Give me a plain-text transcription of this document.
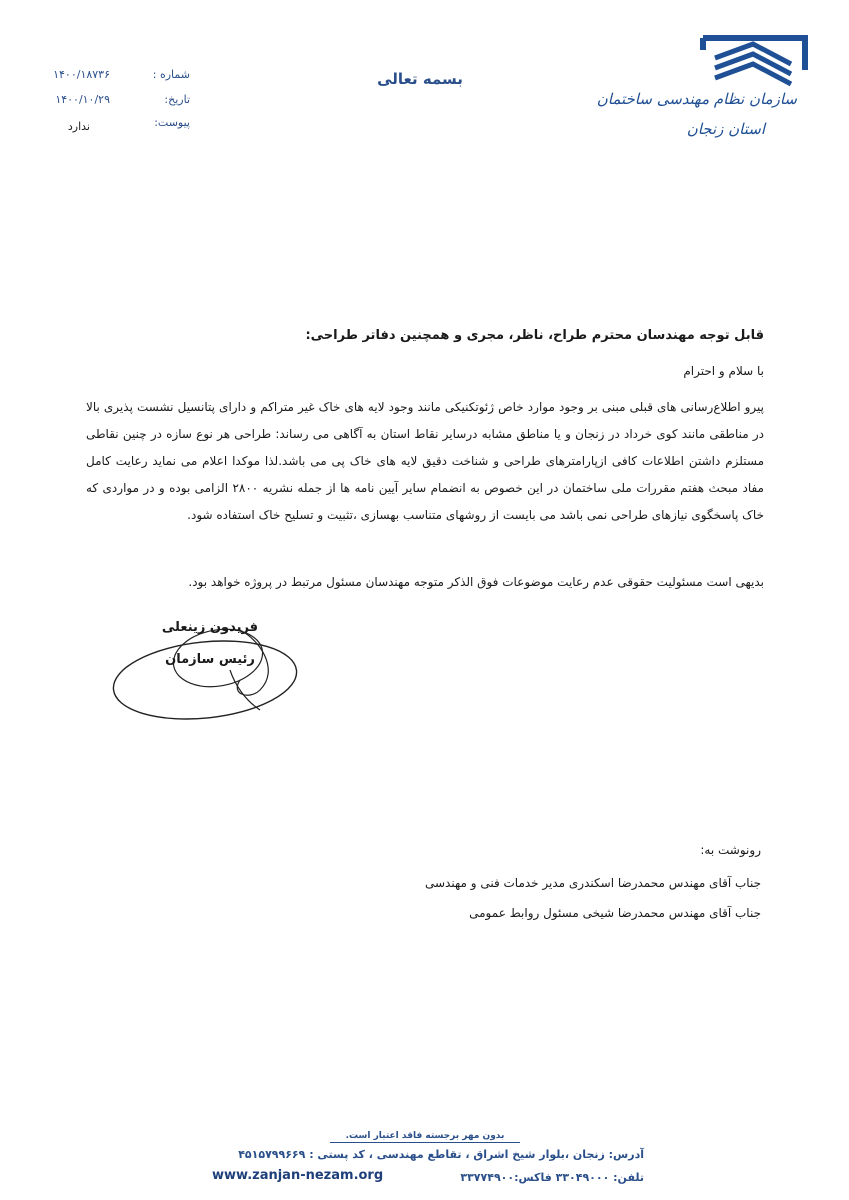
سازمان نظام مهندسی ساختمان
استان زنجان
بسمه تعالی
شماره :
۱۴۰۰/۱۸۷۳۶
تاریخ:
۱۴۰۰/۱۰/۲۹
پیوست:
ندارد
قابل توجه مهندسان محترم طراح، ناظر، مجری و همچنین دفاتر طراحی:
با سلام و احترام
پیرو اطلاع‌رسانی های قبلی مبنی بر وجود موارد خاص ژئوتکنیکی مانند وجود لایه های خاک غیر متراکم و دارای پتانسیل نشست پذیری بالا در مناطقی مانند کوی خرداد در زنجان و یا مناطق مشابه درسایر نقاط استان به آگاهی می رساند: طراحی هر نوع سازه در چنین نقاطی مستلزم داشتن اطلاعات کافی ازپارامترهای طراحی و شناخت دقیق لایه های خاک پی می باشد.لذا موکدا اعلام می نماید رعایت کامل مفاد مبحث هفتم مقررات ملی ساختمان در این خصوص به انضمام سایر آیین نامه ها از جمله نشریه ۲۸۰۰ الزامی بوده و در مواردی که خاک پاسخگوی نیازهای طراحی نمی باشد می بایست از روشهای متناسب بهسازی ،تثبیت و تسلیح خاک استفاده شود.
بدیهی است مسئولیت حقوقی عدم رعایت موضوعات فوق الذکر متوجه مهندسان مسئول مرتبط در پروژه خواهد بود.
فریدون زینعلی
رئیس سازمان
رونوشت به:
جناب آقای مهندس محمدرضا اسکندری مدیر خدمات فنی و مهندسی
جناب آقای مهندس محمدرضا شیخی مسئول روابط عمومی
بدون مهر برجسته فاقد اعتبار است.
آدرس: زنجان ،بلوار شیخ اشراق ، تقاطع مهندسی ، کد پستی : ۴۵۱۵۷۹۹۶۶۹
تلفن: ۳۳۰۴۹۰۰۰ فاکس:۳۳۷۷۴۹۰۰
www.zanjan-nezam.org
